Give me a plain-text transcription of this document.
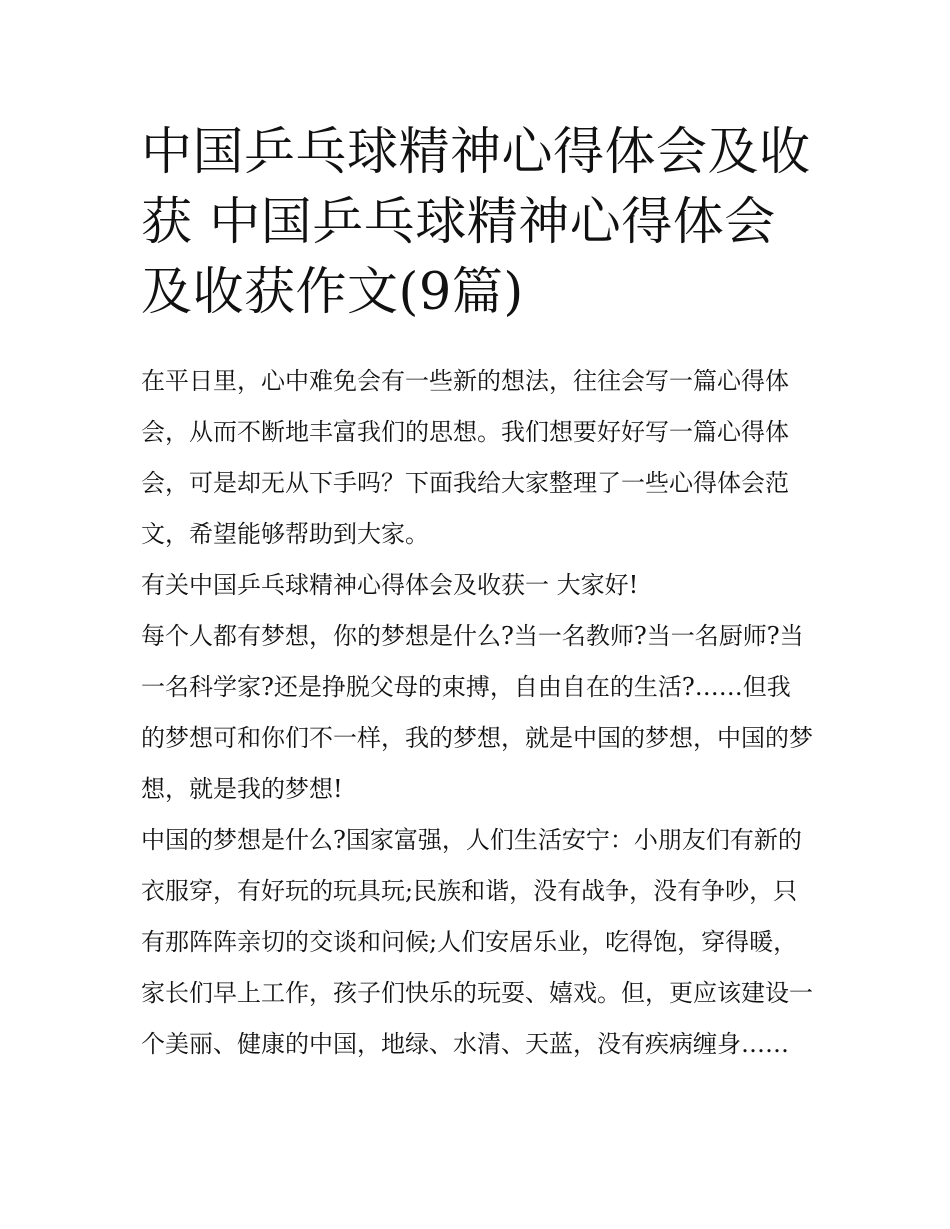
中国乒乓球精神心得体会及收获 中国乒乓球精神心得体会及收获作文(9篇)

在平日里，心中难免会有一些新的想法，往往会写一篇心得体会，从而不断地丰富我们的思想。我们想要好好写一篇心得体会，可是却无从下手吗？下面我给大家整理了一些心得体会范文，希望能够帮助到大家。

有关中国乒乓球精神心得体会及收获一 大家好!

每个人都有梦想，你的梦想是什么?当一名教师?当一名厨师?当一名科学家?还是挣脱父母的束搏，自由自在的生活?……但我的梦想可和你们不一样，我的梦想，就是中国的梦想，中国的梦想，就是我的梦想!

中国的梦想是什么?国家富强，人们生活安宁：小朋友们有新的衣服穿，有好玩的玩具玩;民族和谐，没有战争，没有争吵，只有那阵阵亲切的交谈和问候;人们安居乐业，吃得饱，穿得暖，家长们早上工作，孩子们快乐的玩耍、嬉戏。但，更应该建设一个美丽、健康的中国，地绿、水清、天蓝，没有疾病缠身……
